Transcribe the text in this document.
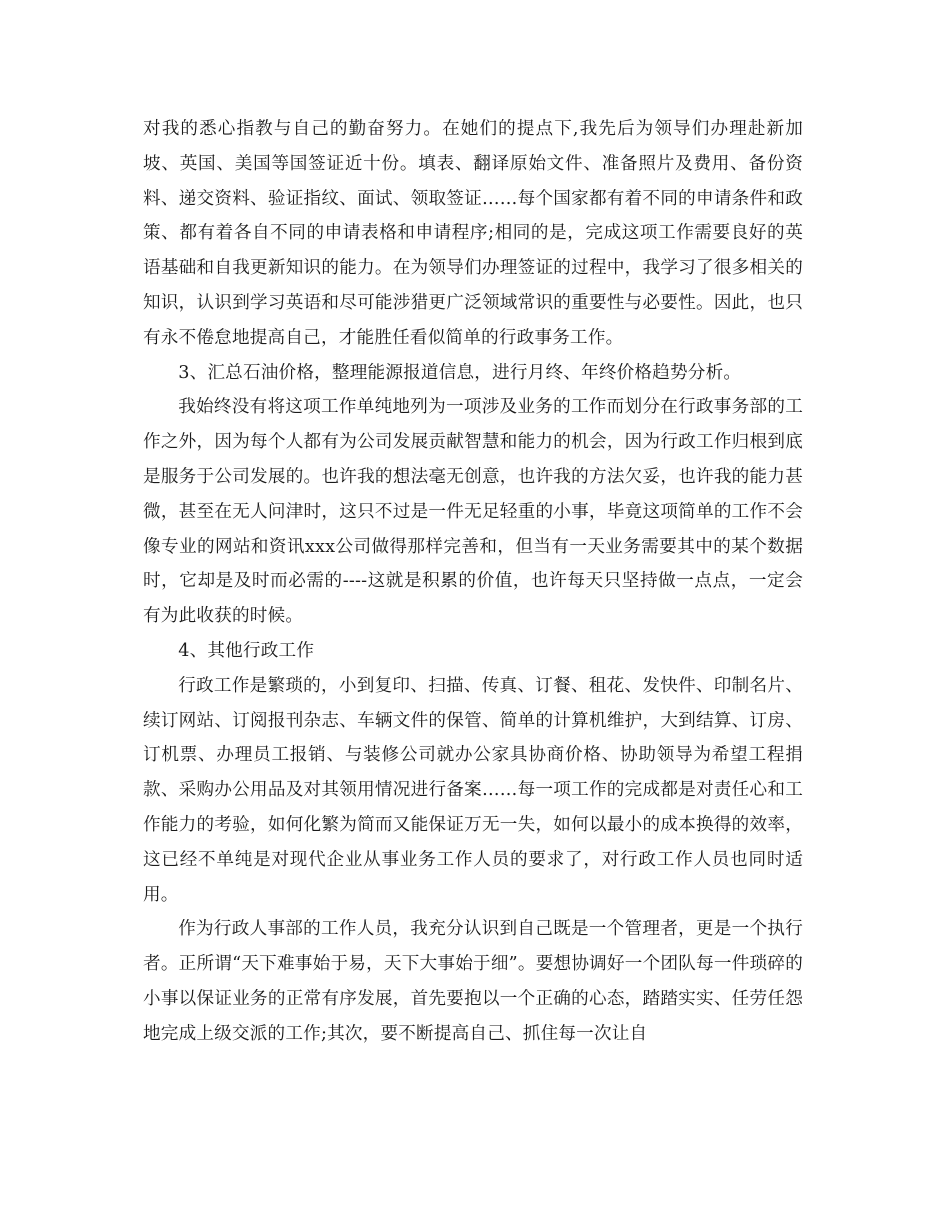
对我的悉心指教与自己的勤奋努力。在她们的提点下,我先后为领导们办理赴新加坡、英国、美国等国签证近十份。填表、翻译原始文件、准备照片及费用、备份资料、递交资料、验证指纹、面试、领取签证……每个国家都有着不同的申请条件和政策、都有着各自不同的申请表格和申请程序;相同的是，完成这项工作需要良好的英语基础和自我更新知识的能力。在为领导们办理签证的过程中，我学习了很多相关的知识，认识到学习英语和尽可能涉猎更广泛领域常识的重要性与必要性。因此，也只有永不倦怠地提高自己，才能胜任看似简单的行政事务工作。

3、汇总石油价格，整理能源报道信息，进行月终、年终价格趋势分析。

我始终没有将这项工作单纯地列为一项涉及业务的工作而划分在行政事务部的工作之外，因为每个人都有为公司发展贡献智慧和能力的机会，因为行政工作归根到底是服务于公司发展的。也许我的想法毫无创意，也许我的方法欠妥，也许我的能力甚微，甚至在无人问津时，这只不过是一件无足轻重的小事，毕竟这项简单的工作不会像专业的网站和资讯xxx公司做得那样完善和，但当有一天业务需要其中的某个数据时，它却是及时而必需的----这就是积累的价值，也许每天只坚持做一点点，一定会有为此收获的时候。

4、其他行政工作

行政工作是繁琐的，小到复印、扫描、传真、订餐、租花、发快件、印制名片、续订网站、订阅报刊杂志、车辆文件的保管、简单的计算机维护，大到结算、订房、订机票、办理员工报销、与装修公司就办公家具协商价格、协助领导为希望工程捐款、采购办公用品及对其领用情况进行备案……每一项工作的完成都是对责任心和工作能力的考验，如何化繁为简而又能保证万无一失，如何以最小的成本换得的效率，这已经不单纯是对现代企业从事业务工作人员的要求了，对行政工作人员也同时适用。

作为行政人事部的工作人员，我充分认识到自己既是一个管理者，更是一个执行者。正所谓“天下难事始于易，天下大事始于细”。要想协调好一个团队每一件琐碎的小事以保证业务的正常有序发展，首先要抱以一个正确的心态，踏踏实实、任劳任怨地完成上级交派的工作;其次，要不断提高自己、抓住每一次让自
